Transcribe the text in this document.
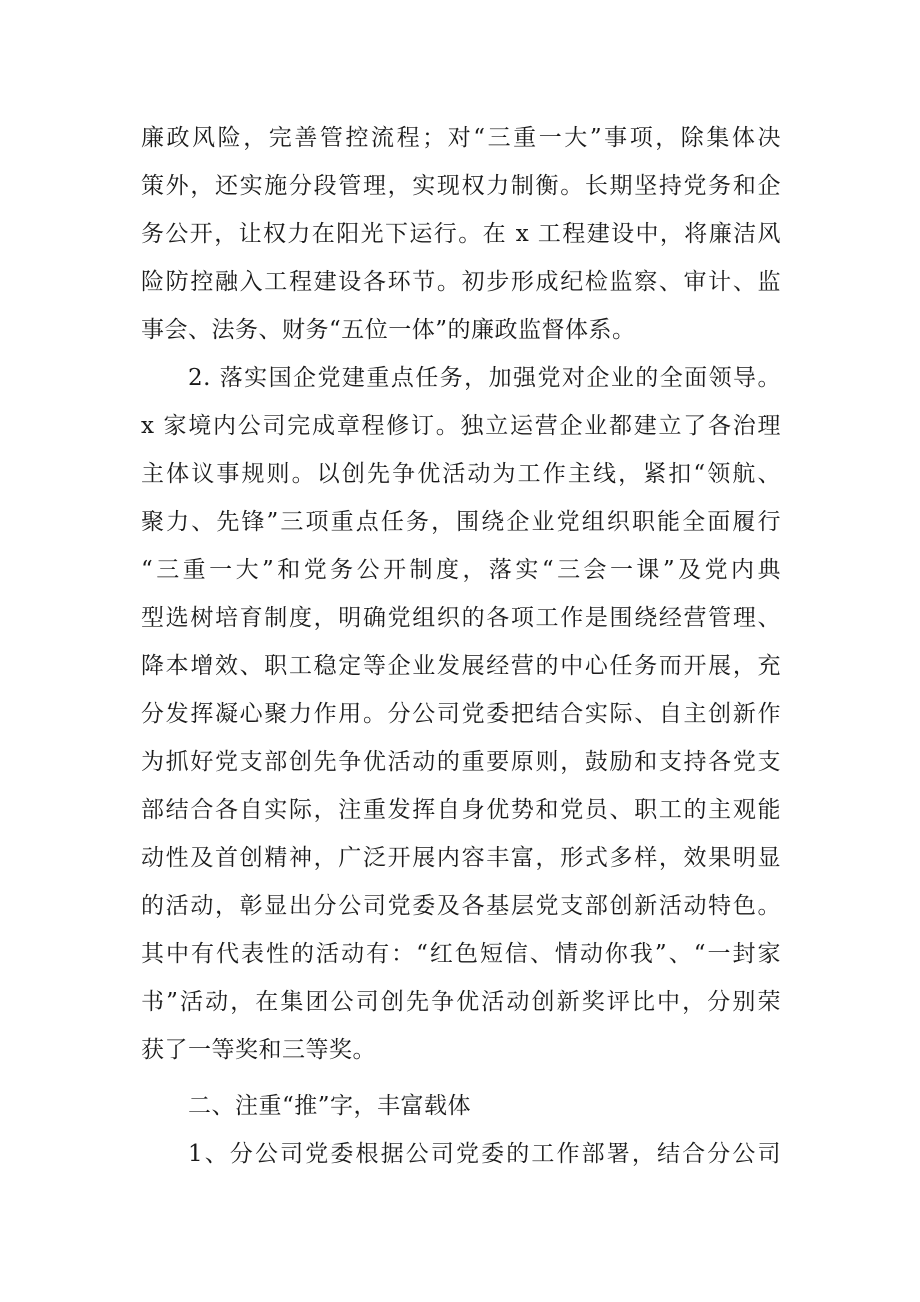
廉政风险，完善管控流程；对“三重一大”事项，除集体决
策外，还实施分段管理，实现权力制衡。长期坚持党务和企
务公开，让权力在阳光下运行。在 x 工程建设中，将廉洁风
险防控融入工程建设各环节。初步形成纪检监察、审计、监
事会、法务、财务“五位一体”的廉政监督体系。
2. 落实国企党建重点任务，加强党对企业的全面领导。
x 家境内公司完成章程修订。独立运营企业都建立了各治理
主体议事规则。以创先争优活动为工作主线，紧扣“领航、
聚力、先锋”三项重点任务，围绕企业党组织职能全面履行
“三重一大”和党务公开制度，落实“三会一课”及党内典
型选树培育制度，明确党组织的各项工作是围绕经营管理、
降本增效、职工稳定等企业发展经营的中心任务而开展，充
分发挥凝心聚力作用。分公司党委把结合实际、自主创新作
为抓好党支部创先争优活动的重要原则，鼓励和支持各党支
部结合各自实际，注重发挥自身优势和党员、职工的主观能
动性及首创精神，广泛开展内容丰富，形式多样，效果明显
的活动，彰显出分公司党委及各基层党支部创新活动特色。
其中有代表性的活动有：“红色短信、情动你我”、“一封家
书”活动，在集团公司创先争优活动创新奖评比中，分别荣
获了一等奖和三等奖。
二、注重“推”字，丰富载体
1、分公司党委根据公司党委的工作部署，结合分公司
